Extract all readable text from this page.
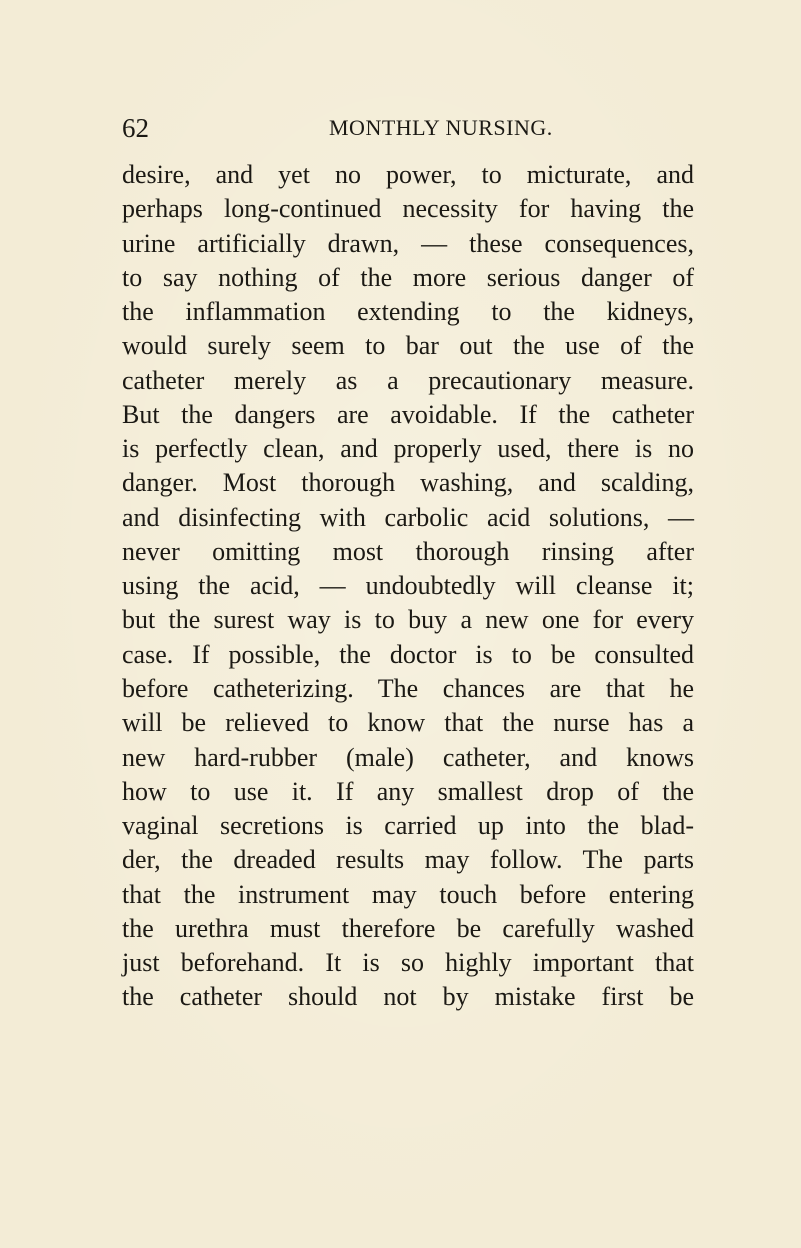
62	MONTHLY NURSING.
desire, and yet no power, to micturate, and
perhaps long-continued necessity for having the
urine artificially drawn, — these consequences,
to say nothing of the more serious danger of
the inflammation extending to the kidneys,
would surely seem to bar out the use of the
catheter merely as a precautionary measure.
But the dangers are avoidable. If the catheter
is perfectly clean, and properly used, there is no
danger. Most thorough washing, and scalding,
and disinfecting with carbolic acid solutions, —
never omitting most thorough rinsing after
using the acid, — undoubtedly will cleanse it;
but the surest way is to buy a new one for every
case. If possible, the doctor is to be consulted
before catheterizing. The chances are that he
will be relieved to know that the nurse has a
new hard-rubber (male) catheter, and knows
how to use it. If any smallest drop of the
vaginal secretions is carried up into the blad-
der, the dreaded results may follow. The parts
that the instrument may touch before entering
the urethra must therefore be carefully washed
just beforehand. It is so highly important that
the catheter should not by mistake first be
